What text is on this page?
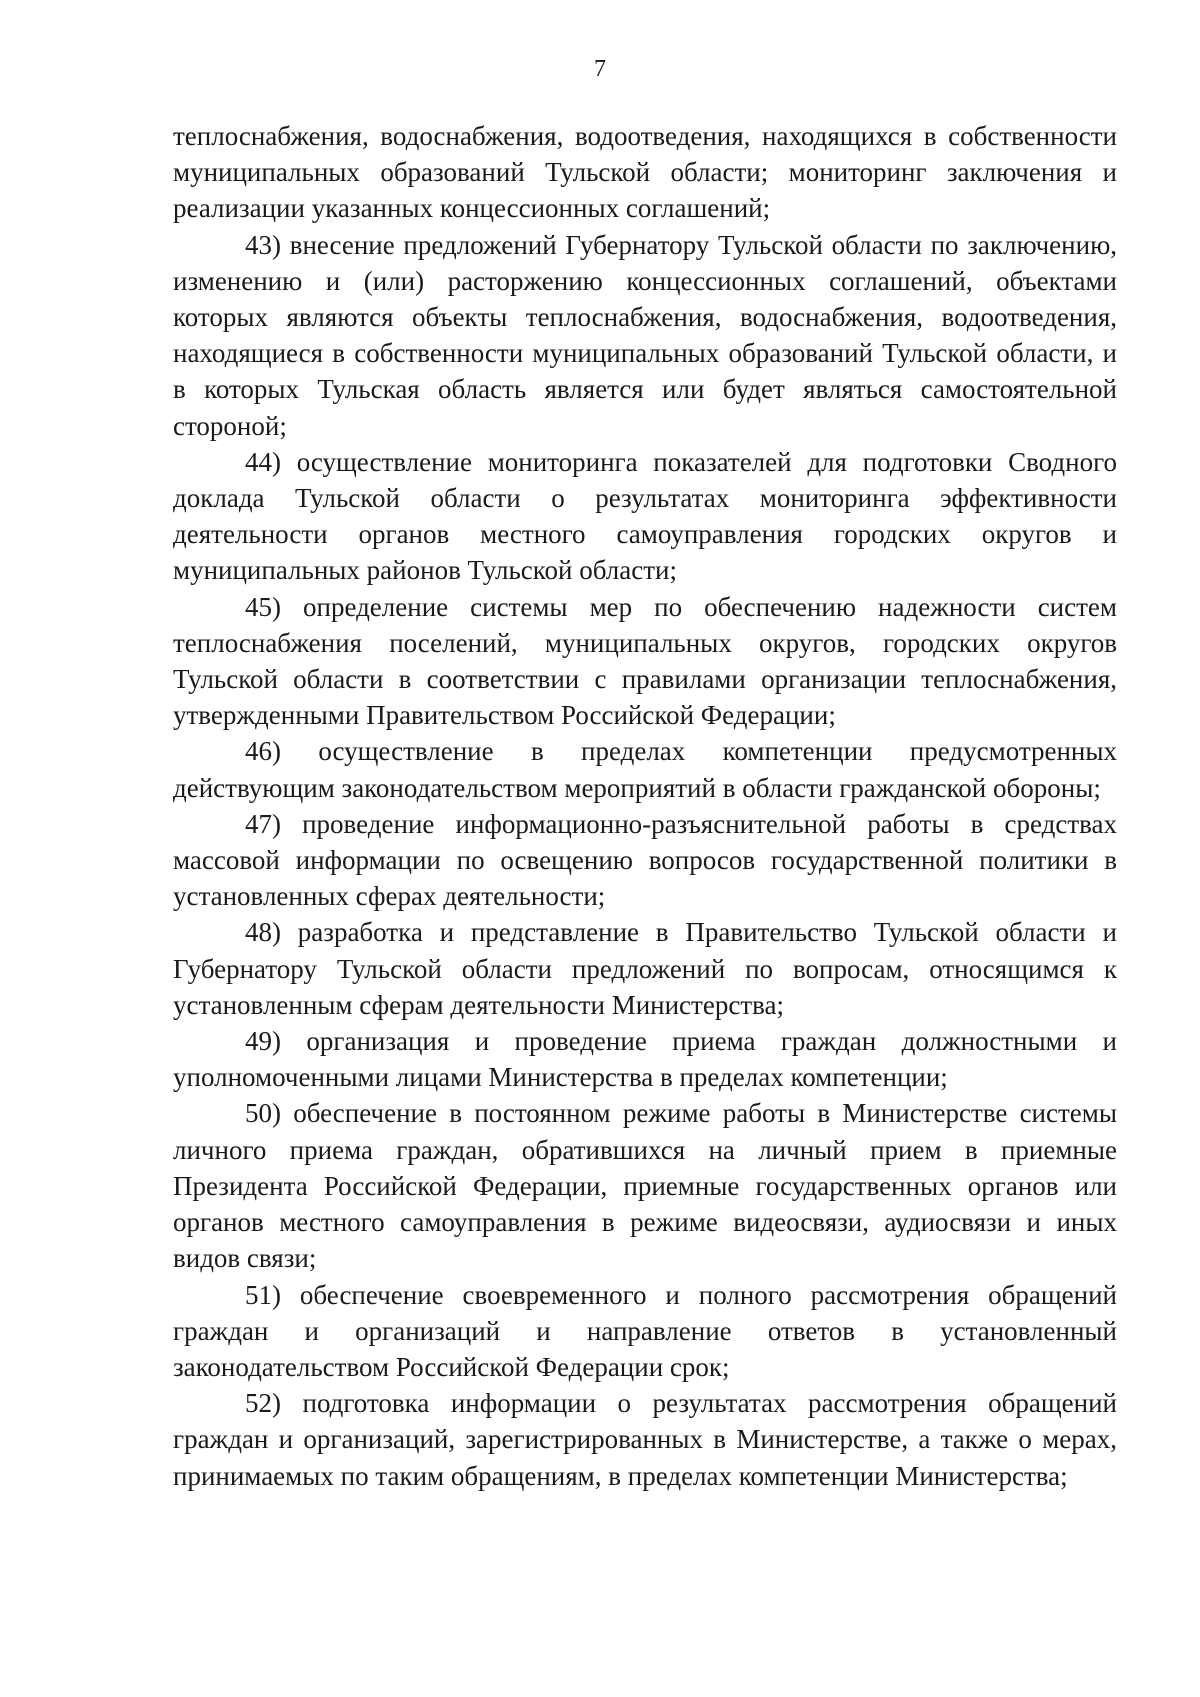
7

теплоснабжения, водоснабжения, водоотведения, находящихся в собственности муниципальных образований Тульской области; мониторинг заключения и реализации указанных концессионных соглашений;

43) внесение предложений Губернатору Тульской области по заключению, изменению и (или) расторжению концессионных соглашений, объектами которых являются объекты теплоснабжения, водоснабжения, водоотведения, находящиеся в собственности муниципальных образований Тульской области, и в которых Тульская область является или будет являться самостоятельной стороной;

44) осуществление мониторинга показателей для подготовки Сводного доклада Тульской области о результатах мониторинга эффективности деятельности органов местного самоуправления городских округов и муниципальных районов Тульской области;

45) определение системы мер по обеспечению надежности систем теплоснабжения поселений, муниципальных округов, городских округов Тульской области в соответствии с правилами организации теплоснабжения, утвержденными Правительством Российской Федерации;

46) осуществление в пределах компетенции предусмотренных действующим законодательством мероприятий в области гражданской обороны;

47) проведение информационно-разъяснительной работы в средствах массовой информации по освещению вопросов государственной политики в установленных сферах деятельности;

48) разработка и представление в Правительство Тульской области и Губернатору Тульской области предложений по вопросам, относящимся к установленным сферам деятельности Министерства;

49) организация и проведение приема граждан должностными и уполномоченными лицами Министерства в пределах компетенции;

50) обеспечение в постоянном режиме работы в Министерстве системы личного приема граждан, обратившихся на личный прием в приемные Президента Российской Федерации, приемные государственных органов или органов местного самоуправления в режиме видеосвязи, аудиосвязи и иных видов связи;

51) обеспечение своевременного и полного рассмотрения обращений граждан и организаций и направление ответов в установленный законодательством Российской Федерации срок;

52) подготовка информации о результатах рассмотрения обращений граждан и организаций, зарегистрированных в Министерстве, а также о мерах, принимаемых по таким обращениям, в пределах компетенции Министерства;
